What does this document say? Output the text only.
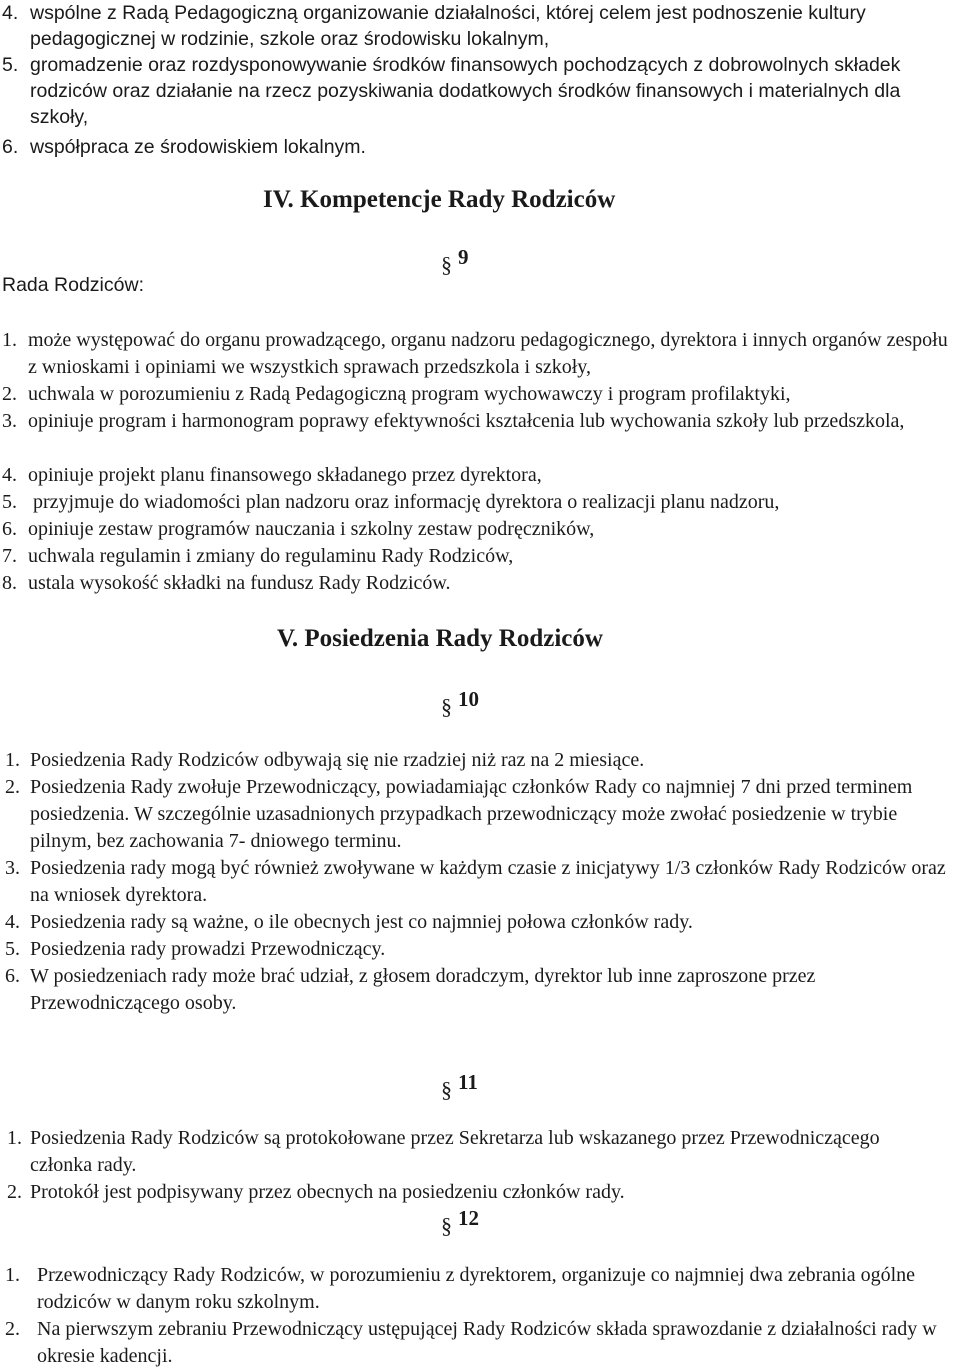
4. wspólne z Radą Pedagogiczną organizowanie działalności, której celem jest podnoszenie kultury pedagogicznej w rodzinie, szkole oraz środowisku lokalnym,
5. gromadzenie oraz rozdysponowywanie środków finansowych pochodzących z dobrowolnych składek rodziców oraz działanie na rzecz pozyskiwania dodatkowych środków finansowych i materialnych dla szkoły,
6. współpraca ze środowiskiem lokalnym.
IV. Kompetencje Rady Rodziców
§ 9
Rada Rodziców:
1. może występować do organu prowadzącego, organu nadzoru pedagogicznego, dyrektora i innych organów zespołu z wnioskami i opiniami we wszystkich sprawach przedszkola i szkoły,
2. uchwala w porozumieniu z Radą Pedagogiczną program wychowawczy i program profilaktyki,
3. opiniuje program i harmonogram poprawy efektywności kształcenia lub wychowania szkoły lub przedszkola,
4. opiniuje projekt planu finansowego składanego przez dyrektora,
5. przyjmuje do wiadomości plan nadzoru oraz informację dyrektora o realizacji planu nadzoru,
6. opiniuje zestaw programów nauczania i szkolny zestaw podręczników,
7. uchwala regulamin i zmiany do regulaminu Rady Rodziców,
8. ustala wysokość składki na fundusz Rady Rodziców.
V. Posiedzenia Rady Rodziców
§ 10
1. Posiedzenia Rady Rodziców odbywają się nie rzadziej niż raz na 2 miesiące.
2. Posiedzenia Rady zwołuje Przewodniczący, powiadamiając członków Rady co najmniej 7 dni przed terminem posiedzenia. W szczególnie uzasadnionych przypadkach przewodniczący może zwołać posiedzenie w trybie pilnym, bez zachowania 7- dniowego terminu.
3. Posiedzenia rady mogą być również zwoływane w każdym czasie z inicjatywy 1/3 członków Rady Rodziców oraz na wniosek dyrektora.
4. Posiedzenia rady są ważne, o ile obecnych jest co najmniej połowa członków rady.
5. Posiedzenia rady prowadzi Przewodniczący.
6. W posiedzeniach rady może brać udział, z głosem doradczym, dyrektor lub inne zaproszone przez Przewodniczącego osoby.
§ 11
1. Posiedzenia Rady Rodziców są protokołowane przez Sekretarza lub wskazanego przez Przewodniczącego członka rady.
2. Protokół jest podpisywany przez obecnych na posiedzeniu członków rady.
§ 12
1. Przewodniczący Rady Rodziców, w porozumieniu z dyrektorem, organizuje co najmniej dwa zebrania ogólne rodziców w danym roku szkolnym.
2. Na pierwszym zebraniu Przewodniczący ustępującej Rady Rodziców składa sprawozdanie z działalności rady w okresie kadencji.
